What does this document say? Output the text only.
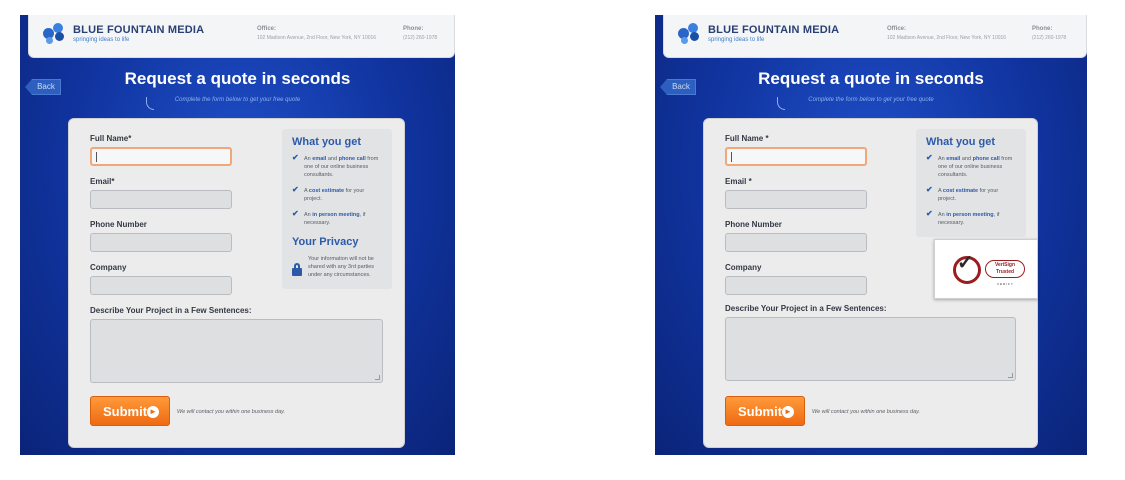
BLUE FOUNTAIN MEDIA
springing ideas to life
Office:
102 Madison Avenue, 2nd Floor, New York, NY 10016
Phone:
(212) 260-1978
Back	Request a quote in seconds
Complete the form below to get your free quote
Full Name*
Email*
Phone Number
Company
Describe Your Project in a Few Sentences:
Submit ►	We will contact you within one business day.
What you get
✔ An email and phone call from one of our online business consultants.
✔ A cost estimate for your project.
✔ An in person meeting, if necessary.
Your Privacy
Your information will not be shared with any 3rd parties under any circumstances.
BLUE FOUNTAIN MEDIA
springing ideas to life
Office:
102 Madison Avenue, 2nd Floor, New York, NY 10016
Phone:
(212) 260-1978
Back	Request a quote in seconds
Complete the form below to get your free quote
Full Name *
Email *
Phone Number
Company
Describe Your Project in a Few Sentences:
Submit ►	We will contact you within one business day.
What you get
✔ An email and phone call from one of our online business consultants.
✔ A cost estimate for your project.
✔ An in person meeting, if necessary.
✓	VeriSign
Trusted
VERIFY
